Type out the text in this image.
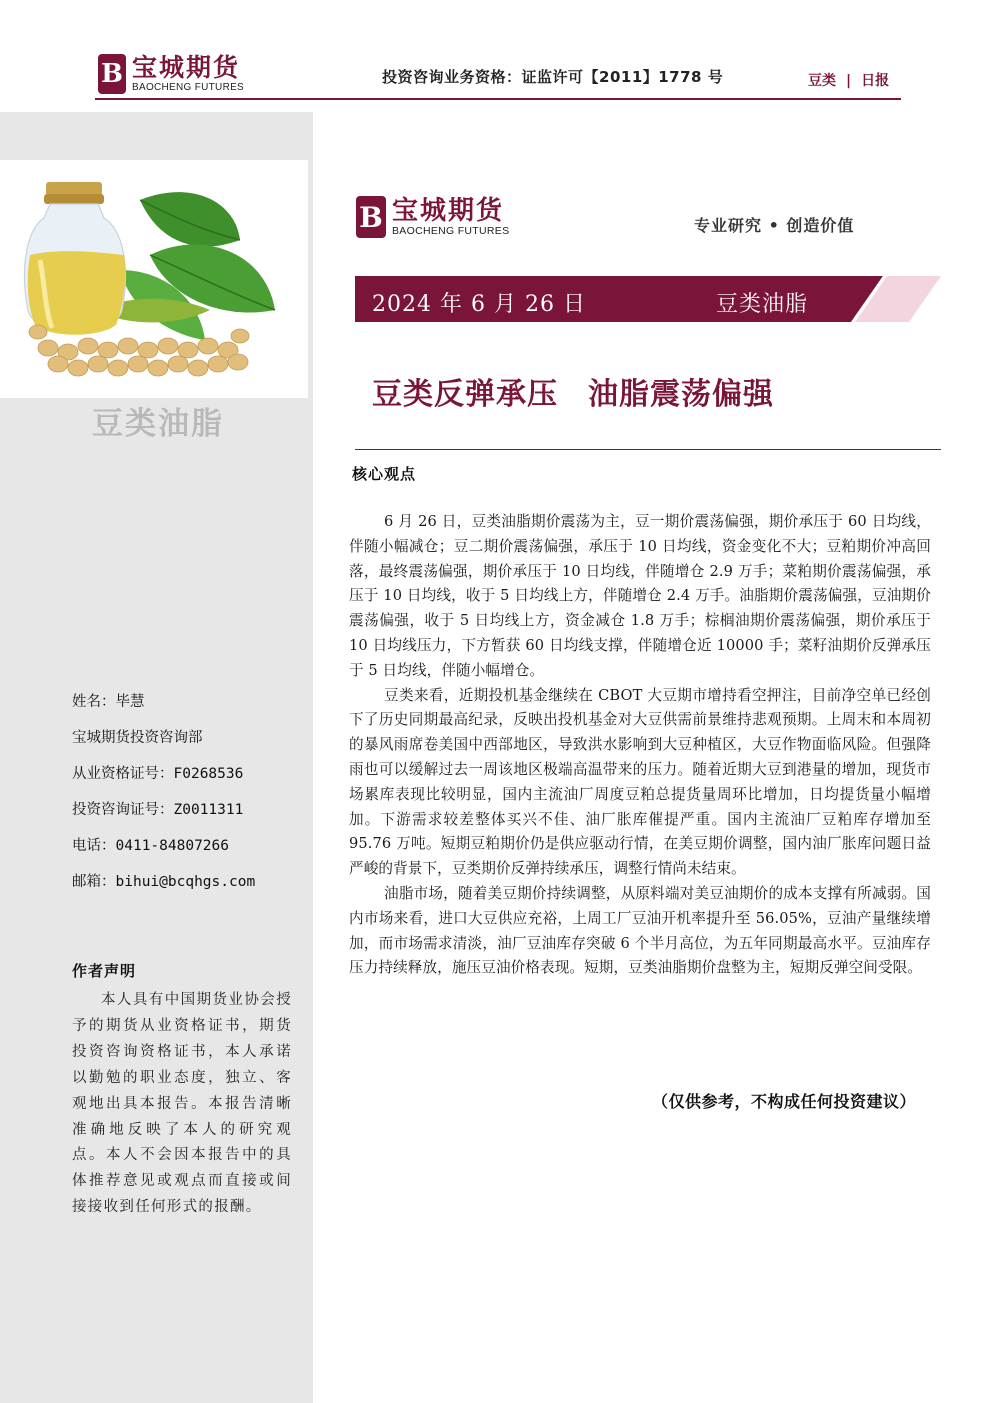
B 宝城期货
BAOCHENG FUTURES
投资咨询业务资格：证监许可【2011】1778 号	豆类 | 日报
豆类油脂
姓名：毕慧
宝城期货投资咨询部
从业资格证号：F0268536
投资咨询证号：Z0011311
电话：0411-84807266
邮箱：bihui@bcqhgs.com
作者声明
本人具有中国期货业协会授予的期货从业资格证书，期货投资咨询资格证书，本人承诺以勤勉的职业态度，独立、客观地出具本报告。本报告清晰准确地反映了本人的研究观点。本人不会因本报告中的具体推荐意见或观点而直接或间接接收到任何形式的报酬。
B 宝城期货
BAOCHENG FUTURES	专业研究 • 创造价值
2024 年 6 月 26 日	豆类油脂
豆类反弹承压 油脂震荡偏强
核心观点

6 月 26 日，豆类油脂期价震荡为主，豆一期价震荡偏强，期价承压于 60 日均线，伴随小幅减仓；豆二期价震荡偏强，承压于 10 日均线，资金变化不大；豆粕期价冲高回落，最终震荡偏强，期价承压于 10 日均线，伴随增仓 2.9 万手；菜粕期价震荡偏强，承压于 10 日均线，收于 5 日均线上方，伴随增仓 2.4 万手。油脂期价震荡偏强，豆油期价震荡偏强，收于 5 日均线上方，资金减仓 1.8 万手；棕榈油期价震荡偏强，期价承压于 10 日均线压力，下方暂获 60 日均线支撑，伴随增仓近 10000 手；菜籽油期价反弹承压于 5 日均线，伴随小幅增仓。

豆类来看，近期投机基金继续在 CBOT 大豆期市增持看空押注，目前净空单已经创下了历史同期最高纪录，反映出投机基金对大豆供需前景维持悲观预期。上周末和本周初的暴风雨席卷美国中西部地区，导致洪水影响到大豆种植区，大豆作物面临风险。但强降雨也可以缓解过去一周该地区极端高温带来的压力。随着近期大豆到港量的增加，现货市场累库表现比较明显，国内主流油厂周度豆粕总提货量周环比增加，日均提货量小幅增加。下游需求较差整体买兴不佳、油厂胀库催提严重。国内主流油厂豆粕库存增加至 95.76 万吨。短期豆粕期价仍是供应驱动行情，在美豆期价调整，国内油厂胀库问题日益严峻的背景下，豆类期价反弹持续承压，调整行情尚未结束。

油脂市场，随着美豆期价持续调整，从原料端对美豆油期价的成本支撑有所减弱。国内市场来看，进口大豆供应充裕，上周工厂豆油开机率提升至 56.05%，豆油产量继续增加，而市场需求清淡，油厂豆油库存突破 6 个半月高位，为五年同期最高水平。豆油库存压力持续释放，施压豆油价格表现。短期，豆类油脂期价盘整为主，短期反弹空间受限。

（仅供参考，不构成任何投资建议）
